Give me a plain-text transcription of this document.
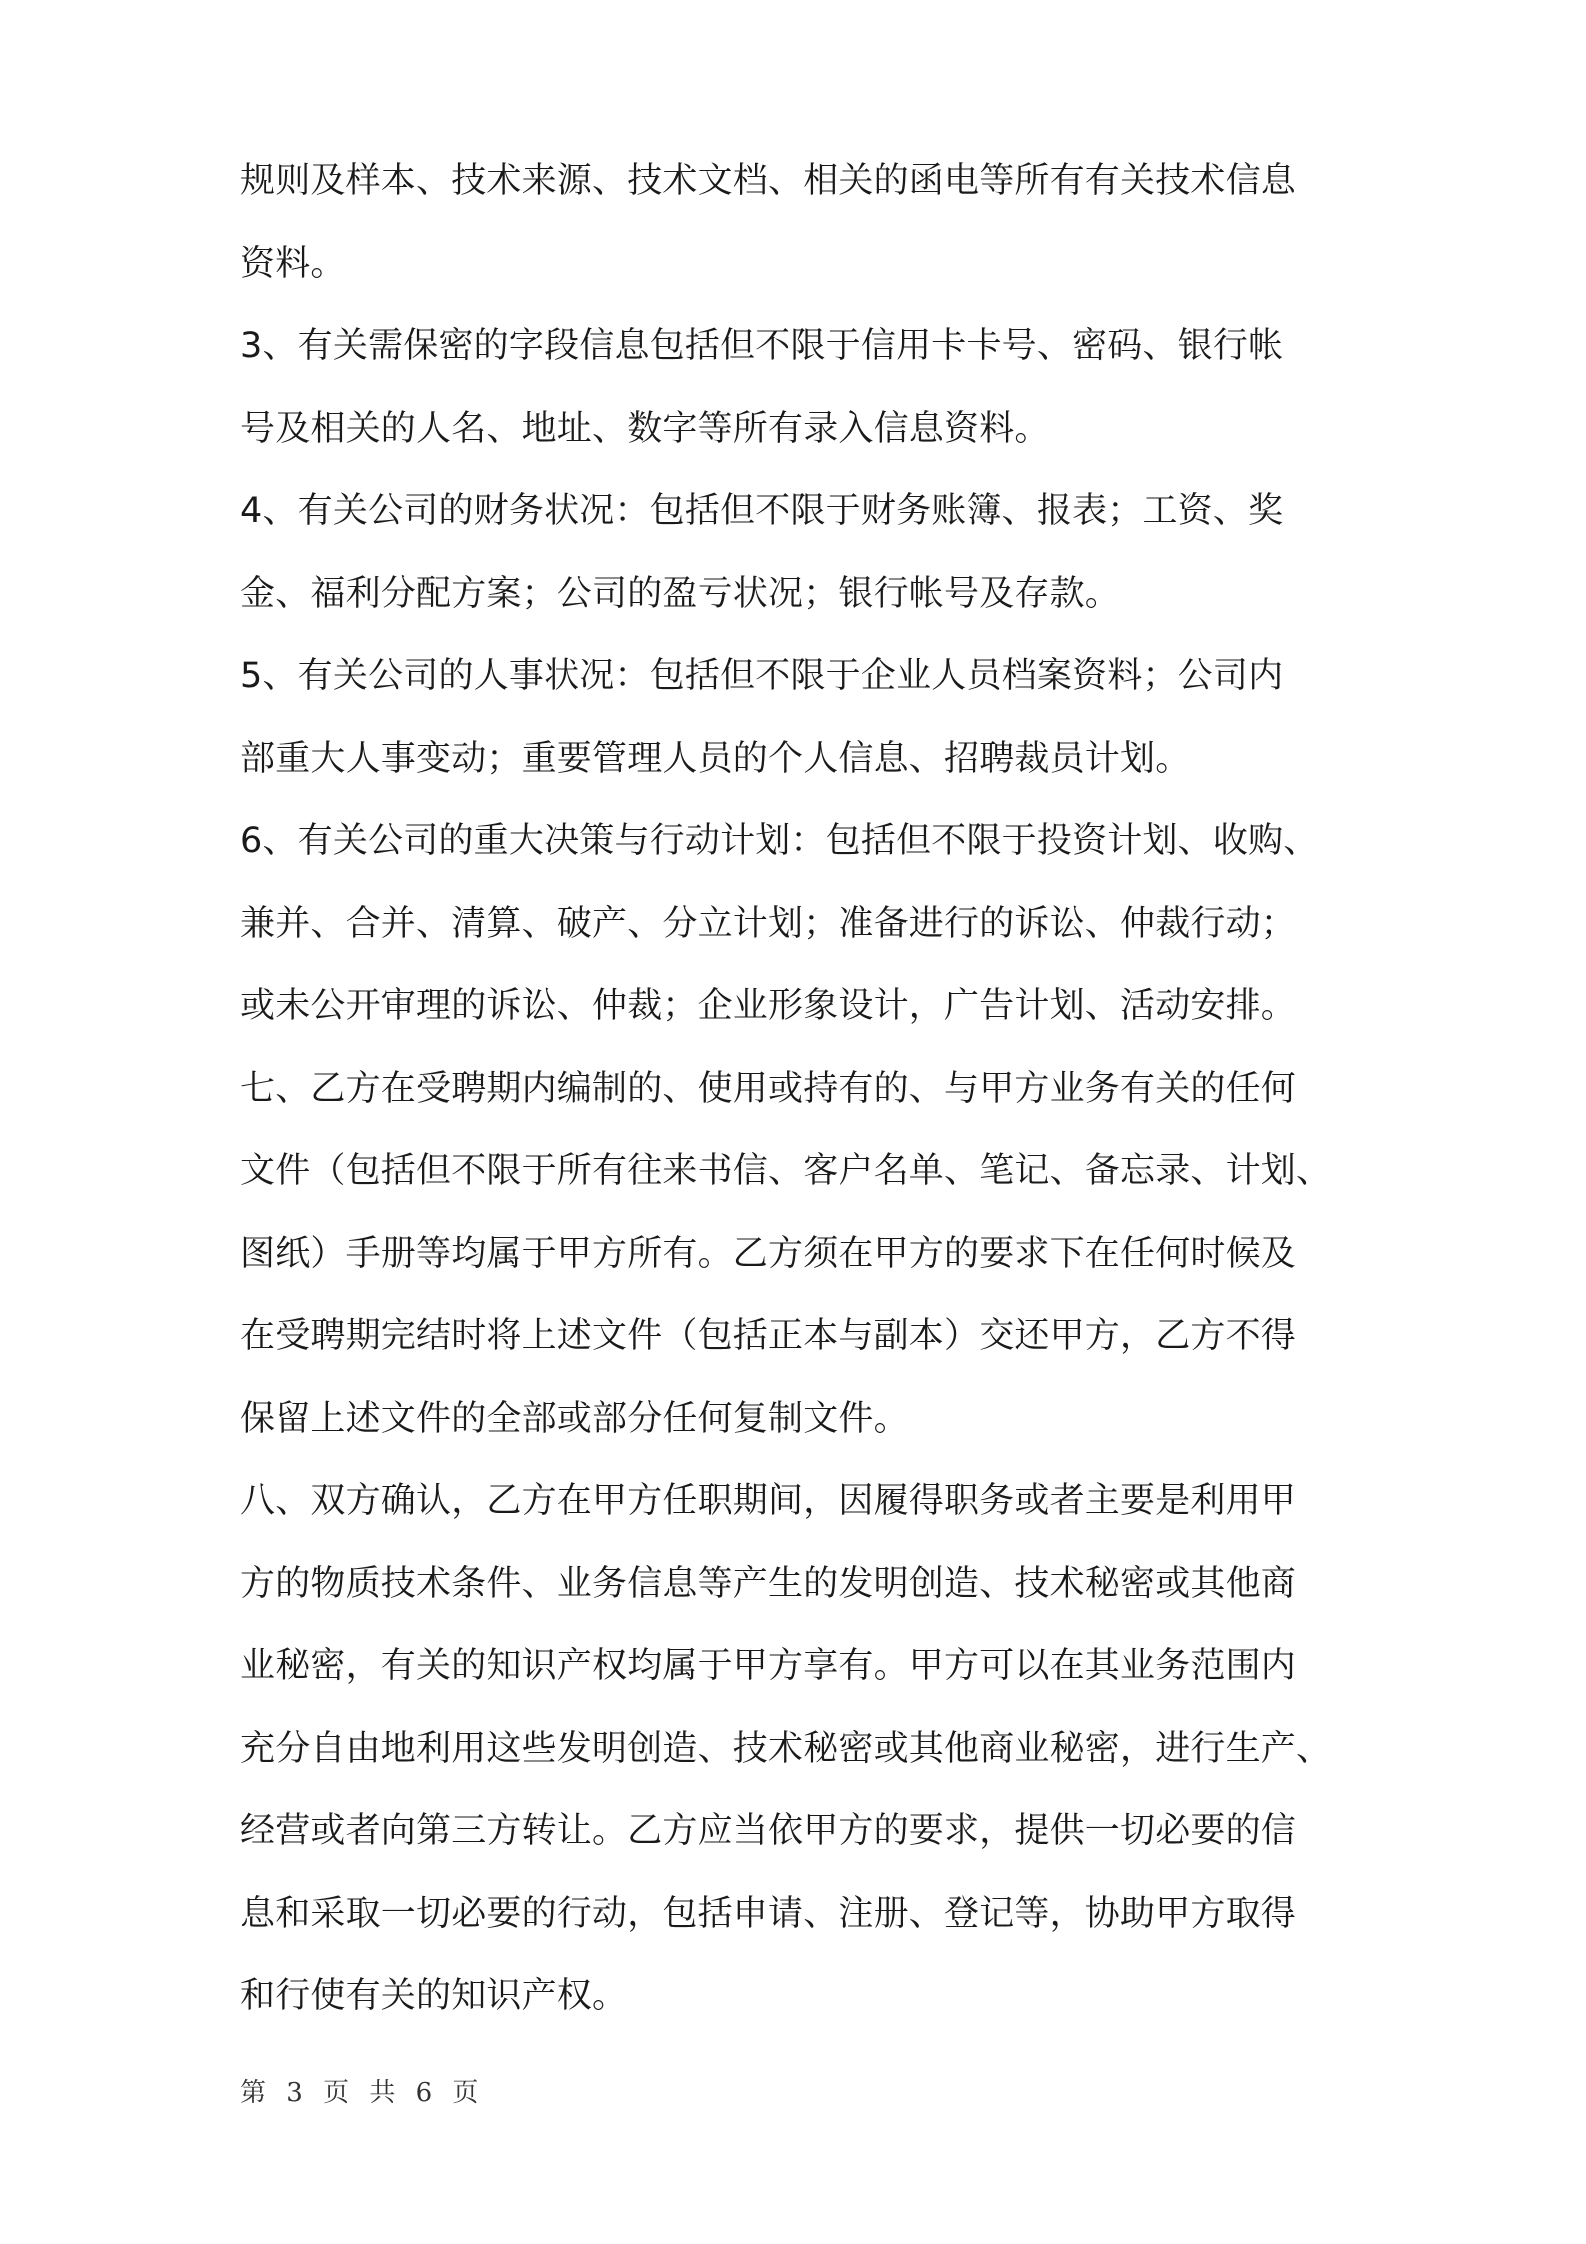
规则及样本、技术来源、技术文档、相关的函电等所有有关技术信息
资料。
3、有关需保密的字段信息包括但不限于信用卡卡号、密码、银行帐
号及相关的人名、地址、数字等所有录入信息资料。
4、有关公司的财务状况：包括但不限于财务账簿、报表；工资、奖
金、福利分配方案；公司的盈亏状况；银行帐号及存款。
5、有关公司的人事状况：包括但不限于企业人员档案资料；公司内
部重大人事变动；重要管理人员的个人信息、招聘裁员计划。
6、有关公司的重大决策与行动计划：包括但不限于投资计划、收购、
兼并、合并、清算、破产、分立计划；准备进行的诉讼、仲裁行动；
或未公开审理的诉讼、仲裁；企业形象设计，广告计划、活动安排。
七、乙方在受聘期内编制的、使用或持有的、与甲方业务有关的任何
文件（包括但不限于所有往来书信、客户名单、笔记、备忘录、计划、
图纸）手册等均属于甲方所有。乙方须在甲方的要求下在任何时候及
在受聘期完结时将上述文件（包括正本与副本）交还甲方，乙方不得
保留上述文件的全部或部分任何复制文件。
八、双方确认，乙方在甲方任职期间，因履得职务或者主要是利用甲
方的物质技术条件、业务信息等产生的发明创造、技术秘密或其他商
业秘密，有关的知识产权均属于甲方享有。甲方可以在其业务范围内
充分自由地利用这些发明创造、技术秘密或其他商业秘密，进行生产、
经营或者向第三方转让。乙方应当依甲方的要求，提供一切必要的信
息和采取一切必要的行动，包括申请、注册、登记等，协助甲方取得
和行使有关的知识产权。
第 3 页 共 6 页
